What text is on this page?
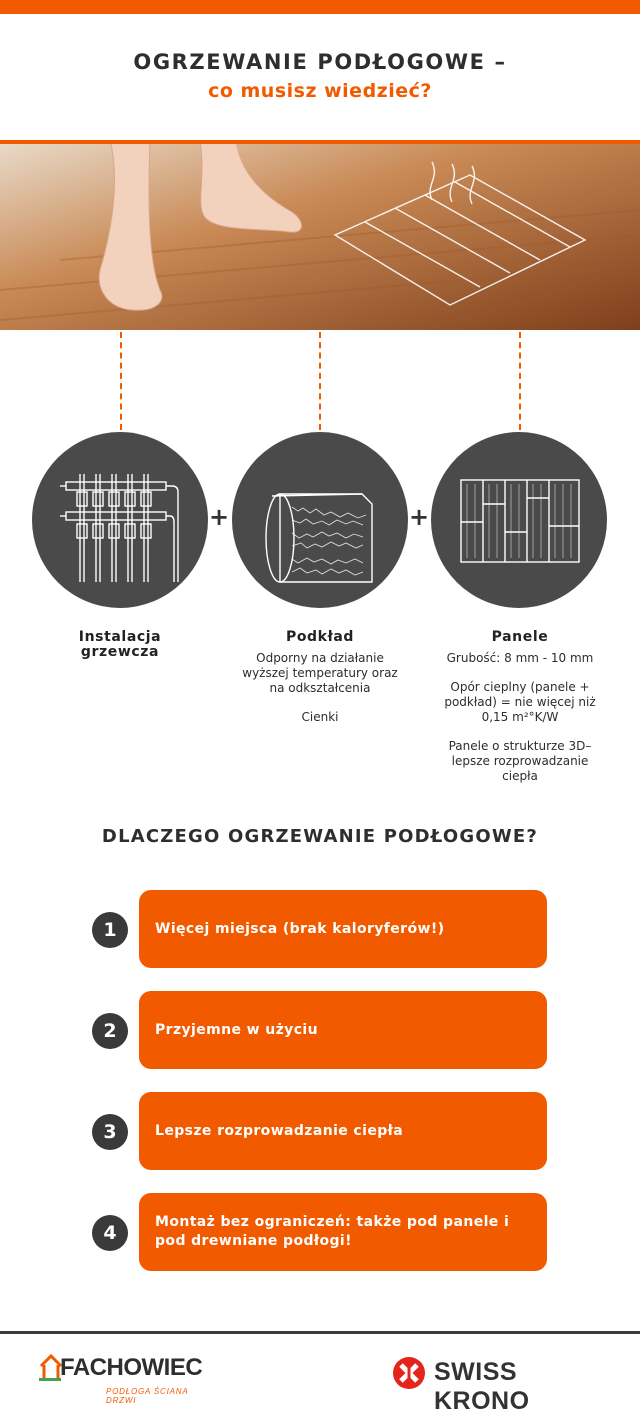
OGRZEWANIE PODŁOGOWE –
co musisz wiedzieć?
+	+
Instalacja grzewcza
Podkład

Odporny na działanie wyższej temperatury oraz na odkształcenia

Cienki

Panele

Grubość: 8 mm - 10 mm

Opór cieplny (panele + podkład) = nie więcej niż 0,15 m²°K/W

Panele o strukturze 3D– lepsze rozprowadzanie ciepła

DLACZEGO OGRZEWANIE PODŁOGOWE?
1	Więcej miejsca (brak kaloryferów!)
2	Przyjemne w użyciu
3	Lepsze rozprowadzanie ciepła
4	Montaż bez ograniczeń: także pod panele i pod drewniane podłogi!
FACHOWIEC
PODŁOGA ŚCIANA DRZWI
SWISS KRONO
